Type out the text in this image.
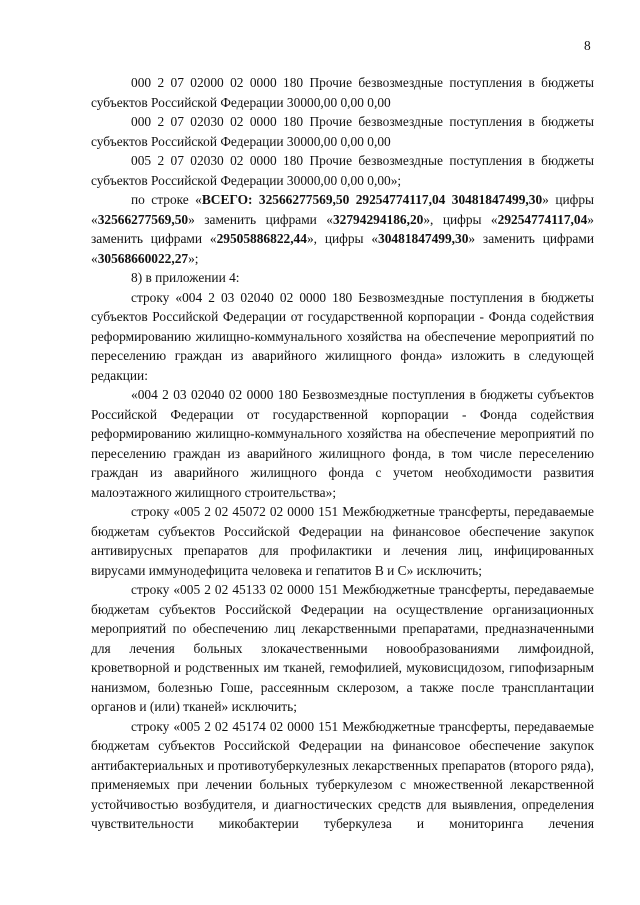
8

000 2 07 02000 02 0000 180 Прочие безвозмездные поступления в бюджеты субъектов Российской Федерации 30000,00 0,00 0,00

000 2 07 02030 02 0000 180 Прочие безвозмездные поступления в бюджеты субъектов Российской Федерации 30000,00 0,00 0,00

005 2 07 02030 02 0000 180 Прочие безвозмездные поступления в бюджеты субъектов Российской Федерации 30000,00 0,00 0,00»;

по строке «ВСЕГО: 32566277569,50 29254774117,04 30481847499,30» цифры «32566277569,50» заменить цифрами «32794294186,20», цифры «29254774117,04» заменить цифрами «29505886822,44», цифры «30481847499,30» заменить цифрами «30568660022,27»;

8) в приложении 4:

строку «004 2 03 02040 02 0000 180 Безвозмездные поступления в бюджеты субъектов Российской Федерации от государственной корпорации - Фонда содействия реформированию жилищно-коммунального хозяйства на обеспечение мероприятий по переселению граждан из аварийного жилищного фонда» изложить в следующей редакции:

«004 2 03 02040 02 0000 180 Безвозмездные поступления в бюджеты субъектов Российской Федерации от государственной корпорации - Фонда содействия реформированию жилищно-коммунального хозяйства на обеспечение мероприятий по переселению граждан из аварийного жилищного фонда, в том числе переселению граждан из аварийного жилищного фонда с учетом необходимости развития малоэтажного жилищного строительства»;

строку «005 2 02 45072 02 0000 151 Межбюджетные трансферты, передаваемые бюджетам субъектов Российской Федерации на финансовое обеспечение закупок антивирусных препаратов для профилактики и лечения лиц, инфицированных вирусами иммунодефицита человека и гепатитов B и C» исключить;

строку «005 2 02 45133 02 0000 151 Межбюджетные трансферты, передаваемые бюджетам субъектов Российской Федерации на осуществление организационных мероприятий по обеспечению лиц лекарственными препаратами, предназначенными для лечения больных злокачественными новообразованиями лимфоидной, кроветворной и родственных им тканей, гемофилией, муковисцидозом, гипофизарным нанизмом, болезнью Гоше, рассеянным склерозом, а также после трансплантации органов и (или) тканей» исключить;

строку «005 2 02 45174 02 0000 151 Межбюджетные трансферты, передаваемые бюджетам субъектов Российской Федерации на финансовое обеспечение закупок антибактериальных и противотуберкулезных лекарственных препаратов (второго ряда), применяемых при лечении больных туберкулезом с множественной лекарственной устойчивостью возбудителя, и диагностических средств для выявления, определения чувствительности микобактерии туберкулеза и мониторинга лечения
